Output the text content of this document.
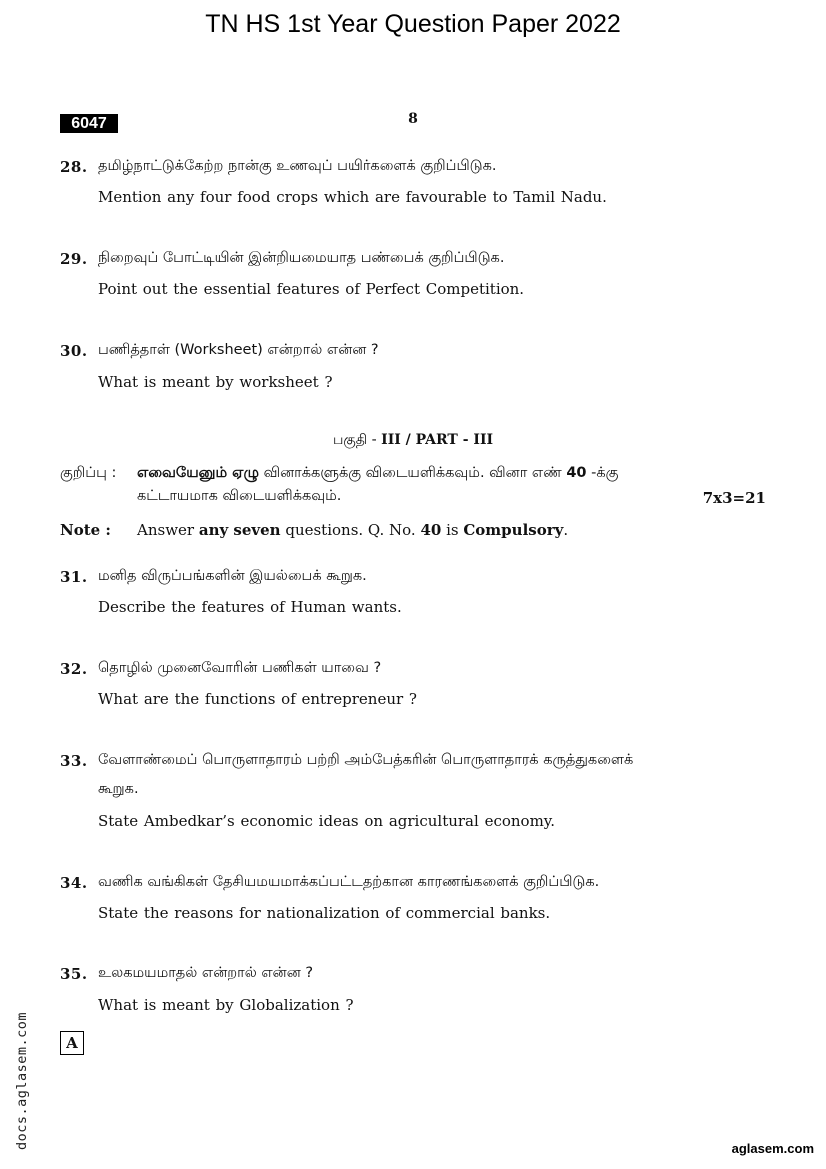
TN HS 1st Year Question Paper 2022
6047	8
28. தமிழ்நாட்டுக்கேற்ற நான்கு உணவுப் பயிர்களைக் குறிப்பிடுக.
Mention any four food crops which are favourable to Tamil Nadu.
29. நிறைவுப் போட்டியின் இன்றியமையாத பண்பைக் குறிப்பிடுக.
Point out the essential features of Perfect Competition.
30. பணித்தாள் (Worksheet) என்றால் என்ன ?
What is meant by worksheet ?
பகுதி - III / PART - III
குறிப்பு : எவையேனும் ஏழு வினாக்களுக்கு விடையளிக்கவும். வினா எண் 40 -க்கு
கட்டாயமாக விடையளிக்கவும்.	7x3=21
Note : Answer any seven questions. Q. No. 40 is Compulsory.
31. மனித விருப்பங்களின் இயல்பைக் கூறுக.
Describe the features of Human wants.
32. தொழில் முனைவோரின் பணிகள் யாவை ?
What are the functions of entrepreneur ?
33. வேளாண்மைப் பொருளாதாரம் பற்றி அம்பேத்கரின் பொருளாதாரக் கருத்துகளைக்
கூறுக.
State Ambedkar’s economic ideas on agricultural economy.
34. வணிக வங்கிகள் தேசியமயமாக்கப்பட்டதற்கான காரணங்களைக் குறிப்பிடுக.
State the reasons for nationalization of commercial banks.
35. உலகமயமாதல் என்றால் என்ன ?
What is meant by Globalization ?
A
docs.aglasem.com	aglasem.com
